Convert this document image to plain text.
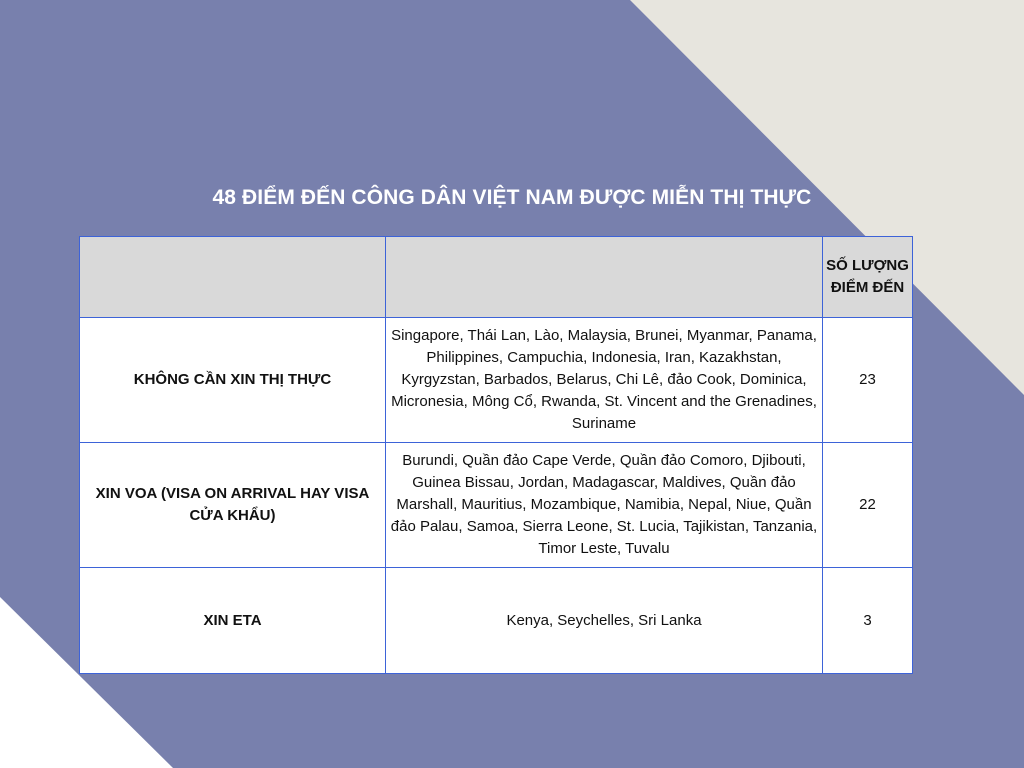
48 ĐIỂM ĐẾN CÔNG DÂN VIỆT NAM ĐƯỢC MIỄN THỊ THỰC
		SỐ LƯỢNG
ĐIỂM ĐẾN
KHÔNG CẦN XIN THỊ THỰC	Singapore, Thái Lan, Lào, Malaysia, Brunei, Myanmar, Panama, Philippines, Campuchia, Indonesia, Iran, Kazakhstan, Kyrgyzstan, Barbados, Belarus, Chi Lê, đảo Cook, Dominica, Micronesia, Mông Cổ, Rwanda, St. Vincent and the Grenadines, Suriname	23
XIN VOA (VISA ON ARRIVAL HAY VISA CỬA KHẨU)	Burundi, Quần đảo Cape Verde, Quần đảo Comoro, Djibouti, Guinea Bissau, Jordan, Madagascar, Maldives, Quần đảo Marshall, Mauritius, Mozambique, Namibia, Nepal, Niue, Quần đảo Palau, Samoa, Sierra Leone, St. Lucia, Tajikistan, Tanzania, Timor Leste, Tuvalu	22
XIN ETA	Kenya, Seychelles, Sri Lanka	3
